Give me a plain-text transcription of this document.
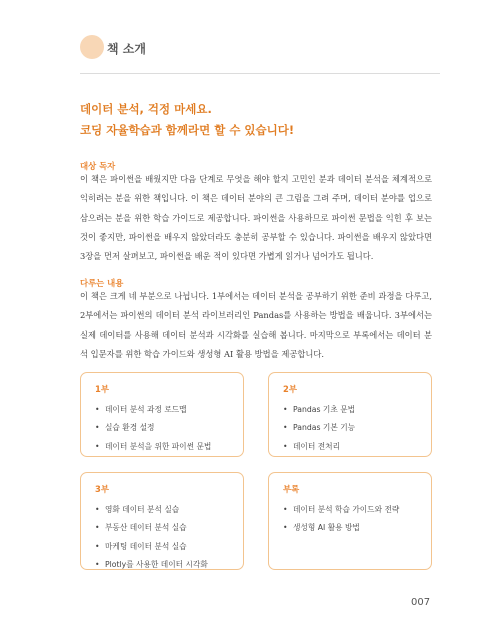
책 소개
데이터 분석, 걱정 마세요.
코딩 자율학습과 함께라면 할 수 있습니다!
대상 독자
이 책은 파이썬을 배웠지만 다음 단계로 무엇을 해야 할지 고민인 분과 데이터 분석을 체계적으로 익히려는 분을 위한 책입니다. 이 책은 데이터 분야의 큰 그림을 그려 주며, 데이터 분야를 업으로 삼으려는 분을 위한 학습 가이드로 제공합니다. 파이썬을 사용하므로 파이썬 문법을 익힌 후 보는 것이 좋지만, 파이썬을 배우지 않았더라도 충분히 공부할 수 있습니다. 파이썬을 배우지 않았다면 3장을 먼저 살펴보고, 파이썬을 배운 적이 있다면 가볍게 읽거나 넘어가도 됩니다.
다루는 내용
이 책은 크게 네 부분으로 나뉩니다. 1부에서는 데이터 분석을 공부하기 위한 준비 과정을 다루고, 2부에서는 파이썬의 데이터 분석 라이브러리인 Pandas를 사용하는 방법을 배웁니다. 3부에서는 실제 데이터를 사용해 데이터 분석과 시각화를 실습해 봅니다. 마지막으로 부록에서는 데이터 분석 입문자를 위한 학습 가이드와 생성형 AI 활용 방법을 제공합니다.
1부
• 데이터 분석 과정 로드맵
• 실습 환경 설정
• 데이터 분석을 위한 파이썬 문법
2부
• Pandas 기초 문법
• Pandas 기본 기능
• 데이터 전처리
3부
• 영화 데이터 분석 실습
• 부동산 데이터 분석 실습
• 마케팅 데이터 분석 실습
• Plotly를 사용한 데이터 시각화
부록
• 데이터 분석 학습 가이드와 전략
• 생성형 AI 활용 방법
007
